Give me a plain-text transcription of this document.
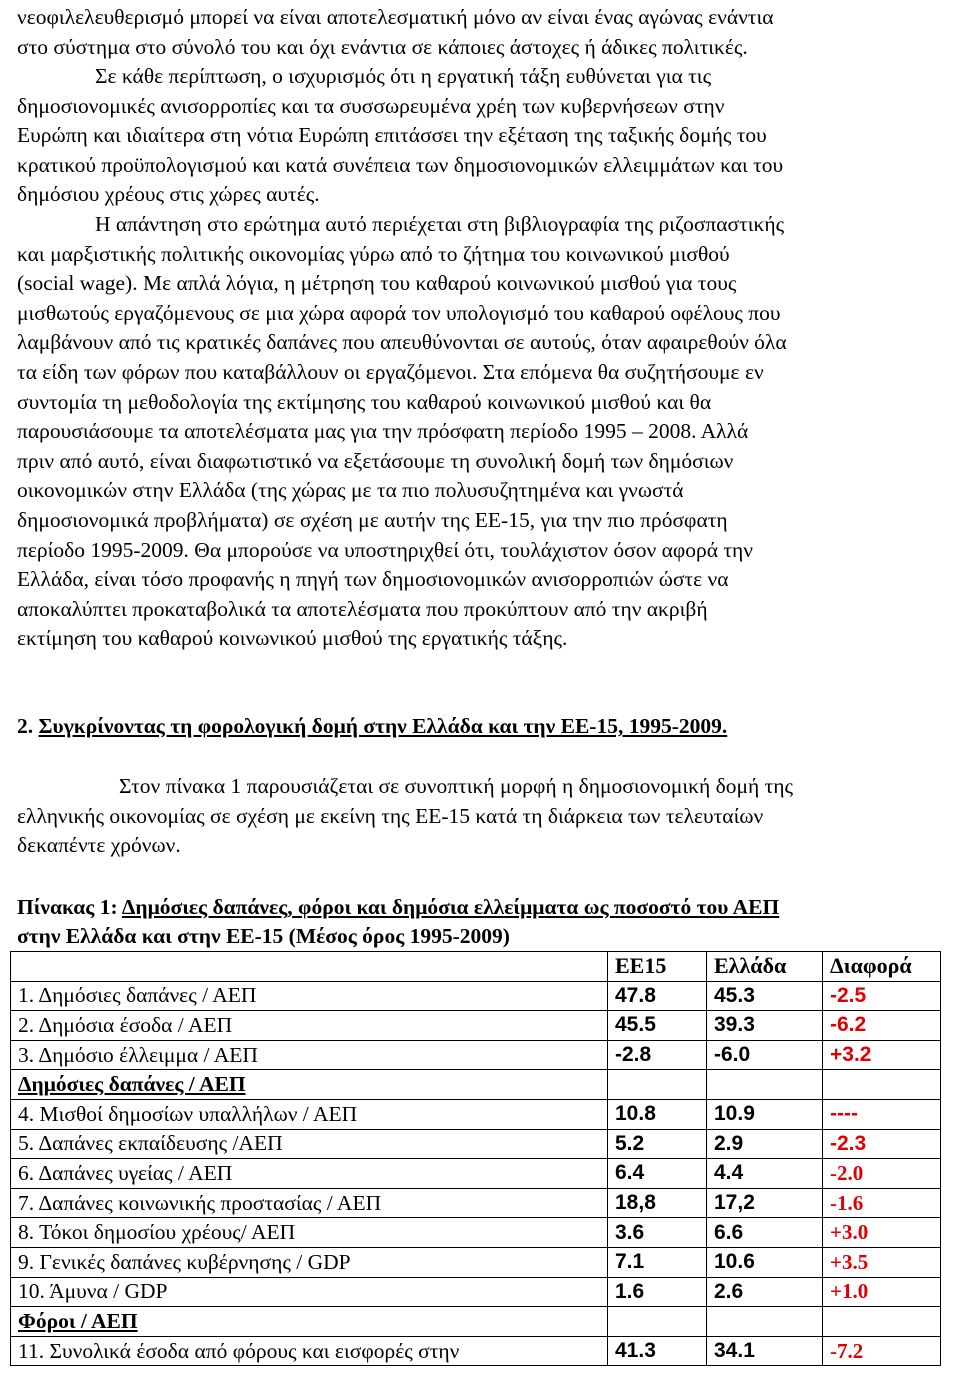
νεοφιλελευθερισμό μπορεί να είναι αποτελεσματική μόνο αν είναι ένας αγώνας ενάντια
στο σύστημα στο σύνολό του και όχι ενάντια σε κάποιες άστοχες ή άδικες πολιτικές.

Σε κάθε περίπτωση, ο ισχυρισμός ότι η εργατική τάξη ευθύνεται για τις
δημοσιονομικές ανισορροπίες και τα συσσωρευμένα χρέη των κυβερνήσεων στην
Ευρώπη και ιδιαίτερα στη νότια Ευρώπη επιτάσσει την εξέταση της ταξικής δομής του
κρατικού προϋπολογισμού και κατά συνέπεια των δημοσιονομικών ελλειμμάτων και του
δημόσιου χρέους στις χώρες αυτές.

Η απάντηση στο ερώτημα αυτό περιέχεται στη βιβλιογραφία της ριζοσπαστικής
και μαρξιστικής πολιτικής οικονομίας γύρω από το ζήτημα του κοινωνικού μισθού
(social wage). Με απλά λόγια, η μέτρηση του καθαρού κοινωνικού μισθού για τους
μισθωτούς εργαζόμενους σε μια χώρα αφορά τον υπολογισμό του καθαρού οφέλους που
λαμβάνουν από τις κρατικές δαπάνες που απευθύνονται σε αυτούς, όταν αφαιρεθούν όλα
τα είδη των φόρων που καταβάλλουν οι εργαζόμενοι. Στα επόμενα θα συζητήσουμε εν
συντομία τη μεθοδολογία της εκτίμησης του καθαρού κοινωνικού μισθού και θα
παρουσιάσουμε τα αποτελέσματα μας για την πρόσφατη περίοδο 1995 – 2008. Αλλά
πριν από αυτό, είναι διαφωτιστικό να εξετάσουμε τη συνολική δομή των δημόσιων
οικονομικών στην Ελλάδα (της χώρας με τα πιο πολυσυζητημένα και γνωστά
δημοσιονομικά προβλήματα) σε σχέση με αυτήν της ΕΕ-15, για την πιο πρόσφατη
περίοδο 1995-2009. Θα μπορούσε να υποστηριχθεί ότι, τουλάχιστον όσον αφορά την
Ελλάδα, είναι τόσο προφανής η πηγή των δημοσιονομικών ανισορροπιών ώστε να
αποκαλύπτει προκαταβολικά τα αποτελέσματα που προκύπτουν από την ακριβή
εκτίμηση του καθαρού κοινωνικού μισθού της εργατικής τάξης.

2. Συγκρίνοντας τη φορολογική δομή στην Ελλάδα και την ΕΕ-15, 1995-2009.

Στον πίνακα 1 παρουσιάζεται σε συνοπτική μορφή η δημοσιονομική δομή της
ελληνικής οικονομίας σε σχέση με εκείνη της ΕΕ-15 κατά τη διάρκεια των τελευταίων
δεκαπέντε χρόνων.

Πίνακας 1: Δημόσιες δαπάνες, φόροι και δημόσια ελλείμματα ως ποσοστό του ΑΕΠ
στην Ελλάδα και στην ΕΕ-15 (Μέσος όρος 1995-2009)

	ΕΕ15	Ελλάδα	Διαφορά
1. Δημόσιες δαπάνες / ΑΕΠ	47.8	45.3	-2.5
2. Δημόσια έσοδα / ΑΕΠ	45.5	39.3	-6.2
3. Δημόσιο έλλειμμα / ΑΕΠ	-2.8	-6.0	+3.2
Δημόσιες δαπάνες / ΑΕΠ			
4. Μισθοί δημοσίων υπαλλήλων / ΑΕΠ	10.8	10.9	----
5. Δαπάνες εκπαίδευσης /ΑΕΠ	5.2	2.9	-2.3
6. Δαπάνες υγείας / ΑΕΠ	6.4	4.4	-2.0
7. Δαπάνες κοινωνικής προστασίας / ΑΕΠ	18,8	17,2	-1.6
8. Τόκοι δημοσίου χρέους/ ΑΕΠ	3.6	6.6	+3.0
9. Γενικές δαπάνες κυβέρνησης / GDP	7.1	10.6	+3.5
10. Άμυνα / GDP	1.6	2.6	+1.0
Φόροι / ΑΕΠ			
11. Συνολικά έσοδα από φόρους και εισφορές στην	41.3	34.1	-7.2
